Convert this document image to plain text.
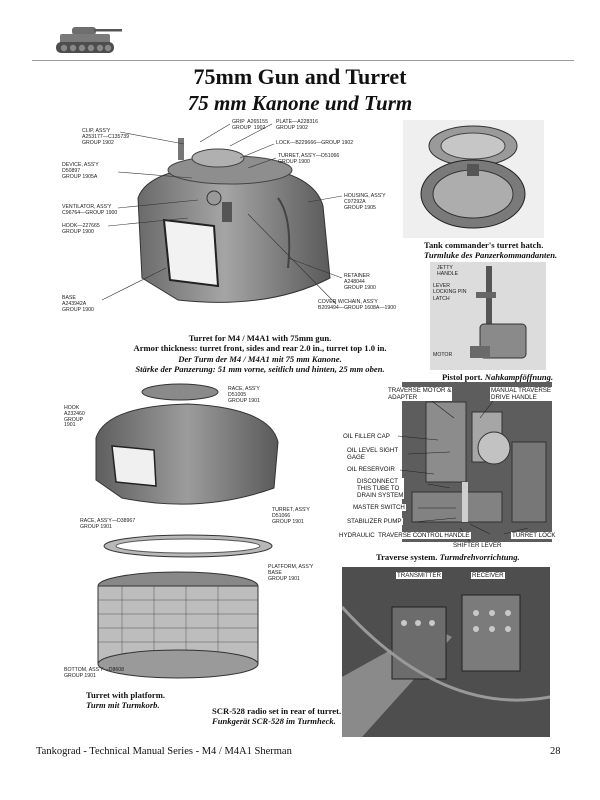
75mm Gun and Turret
75 mm Kanone und Turm
CLIP, ASS'Y
A253177—C135739
GROUP 1902
GRIP  A265155
GROUP  1902
PLATE—A228316
GROUP 1902
LOCK—B229666—GROUP 1902
TURRET, ASS'Y—D51066
GROUP 1900
DEVICE, ASS'Y
D50897
GROUP 1905A
HOUSING, ASS'Y
C97292A
GROUP 1905
VENTILATOR, ASS'Y
C96764—GROUP 1900
HOOK—227665
GROUP 1900
RETAINER
A248044
GROUP 1900
BASE
A243942A
GROUP 1900
COVER W/CHAIN, ASS'Y
B209494—GROUP 1608A—1900
Turret for M4 / M4A1 with 75mm gun.
Armor thickness: turret front, sides and rear 2.0 in., turret top 1.0 in.
Der Turm der M4 / M4A1 mit 75 mm Kanone.
Stärke der Panzerung: 51 mm vorne, seitlich und hinten, 25 mm oben.
Tank commander's turret hatch.
Turmluke des Panzerkommandanten.
JETTY
HANDLE
LEVER
LOCKING PIN
LATCH
MOTOR
Pistol port. Nahkampföffnung.
RACE, ASS'Y
D51005
GROUP 1901
HOOK
A232460
GROUP
1901
TURRET, ASS'Y
D51066
GROUP 1901
RACE, ASS'Y—D38967
GROUP 1901
PLATFORM, ASS'Y
BASE
GROUP 1901
BOTTOM, ASS'Y—D8608
GROUP 1901
Turret with platform.
Turm mit Turmkorb.
TRAVERSE MOTOR &
ADAPTER
MANUAL TRAVERSE
DRIVE HANDLE
OIL FILLER CAP
OIL LEVEL SIGHT
GAGE
OIL RESERVOIR
DISCONNECT
THIS TUBE TO
DRAIN SYSTEM
MASTER SWITCH
STABILIZER PUMP
HYDRAULIC  TRAVERSE CONTROL HANDLE	TURRET LOCK
SHIFTER LEVER
Traverse system. Turmdrehvorrichtung.
TRANSMITTER	RECEIVER
SCR-528 radio set in rear of turret.
Funkgerät SCR-528 im Turmheck.
Tankograd - Technical Manual Series - M4 / M4A1 Sherman	28
